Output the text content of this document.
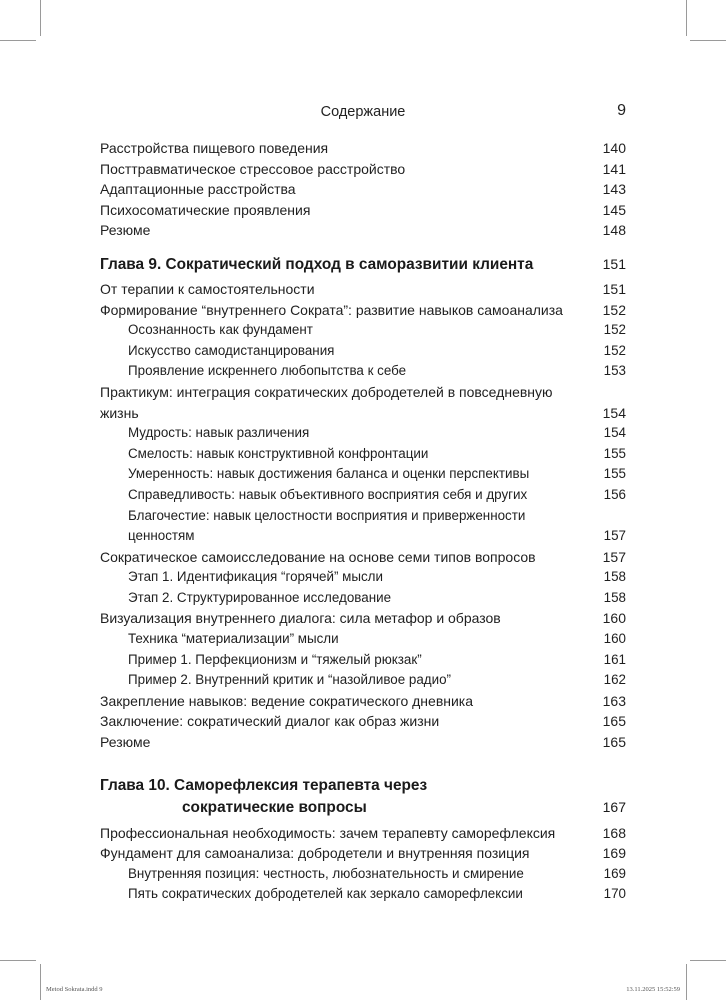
Содержание	9
Расстройства пищевого поведения	140
Посттравматическое стрессовое расстройство	141
Адаптационные расстройства	143
Психосоматические проявления	145
Резюме	148
Глава 9. Сократический подход в саморазвитии клиента	151
От терапии к самостоятельности	151
Формирование “внутреннего Сократа”: развитие навыков самоанализа	152
Осознанность как фундамент	152
Искусство самодистанцирования	152
Проявление искреннего любопытства к себе	153
Практикум: интеграция сократических добродетелей в повседневную жизнь	154
Мудрость: навык различения	154
Смелость: навык конструктивной конфронтации	155
Умеренность: навык достижения баланса и оценки перспективы	155
Справедливость: навык объективного восприятия себя и других	156
Благочестие: навык целостности восприятия и приверженности ценностям	157
Сократическое самоисследование на основе семи типов вопросов	157
Этап 1. Идентификация “горячей” мысли	158
Этап 2. Структурированное исследование	158
Визуализация внутреннего диалога: сила метафор и образов	160
Техника “материализации” мысли	160
Пример 1. Перфекционизм и “тяжелый рюкзак”	161
Пример 2. Внутренний критик и “назойливое радио”	162
Закрепление навыков: ведение сократического дневника	163
Заключение: сократический диалог как образ жизни	165
Резюме	165
Глава 10. Саморефлексия терапевта через
сократические вопросы	167
Профессиональная необходимость: зачем терапевту саморефлексия	168
Фундамент для самоанализа: добродетели и внутренняя позиция	169
Внутренняя позиция: честность, любознательность и смирение	169
Пять сократических добродетелей как зеркало саморефлексии	170
Metod Sokrata.indd 9	13.11.2025 15:52:59
